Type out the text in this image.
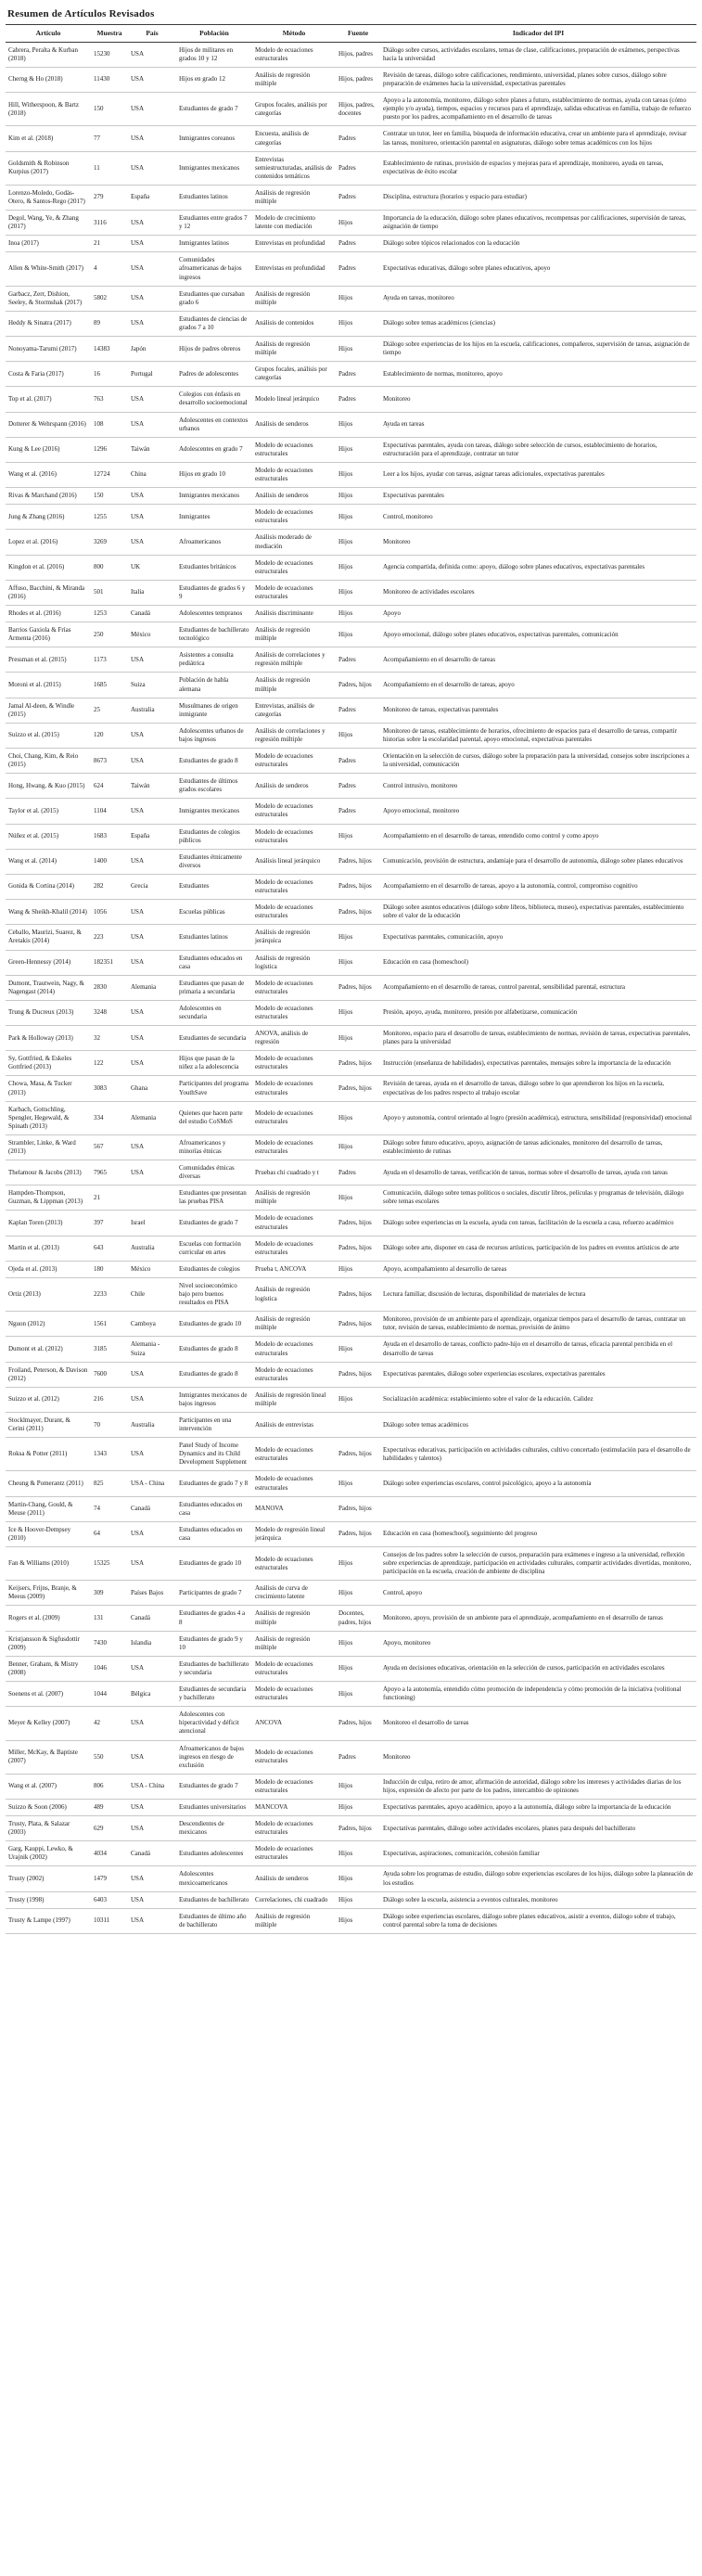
Resumen de Artículos Revisados
Artículo	Muestra	País	Población	Método	Fuente	Indicador del IPI
Cabrera, Peralta & Kurban (2018)	15230	USA	Hijos de militares en grados 10 y 12	Modelo de ecuaciones estructurales	Hijos, padres	Diálogo sobre cursos, actividades escolares, temas de clase, calificaciones, preparación de exámenes, perspectivas hacia la universidad
Cherng & Ho (2018)	11430	USA	Hijos en grado 12	Análisis de regresión múltiple	Hijos, padres	Revisión de tareas, diálogo sobre calificaciones, rendimiento, universidad, planes sobre cursos, diálogo sobre preparación de exámenes hacia la universidad, expectativas parentales
Hill, Witherspoon, & Bartz (2018)	150	USA	Estudiantes de grado 7	Grupos focales, análisis por categorías	Hijos, padres, docentes	Apoyo a la autonomía, monitoreo, diálogo sobre planes a futuro, establecimiento de normas, ayuda con tareas (cómo ejemplo y/o ayuda), tiempos, espacios y recursos para el aprendizaje, salidas educativas en familia, trabajo de refuerzo puesto por los padres, acompañamiento en el desarrollo de tareas
Kim et al. (2018)	77	USA	Inmigrantes coreanos	Encuesta, análisis de categorías	Padres	Contratar un tutor, leer en familia, búsqueda de información educativa, crear un ambiente para el aprendizaje, revisar las tareas, monitoreo, orientación parental en asignaturas, diálogo sobre temas académicos con los hijos
Goldsmith & Robinson Kurpius (2017)	11	USA	Inmigrantes mexicanos	Entrevistas semiestructuradas, análisis de contenidos temáticos	Padres	Establecimiento de rutinas, provisión de espacios y mejoras para el aprendizaje, monitoreo, ayuda en tareas, expectativas de éxito escolar
Lorenzo-Moledo, Godás-Otero, & Santos-Rego (2017)	279	España	Estudiantes latinos	Análisis de regresión múltiple	Padres	Disciplina, estructura (horarios y espacio para estudiar)
Degol, Wang, Ye, & Zhang (2017)	3116	USA	Estudiantes entre grados 7 y 12	Modelo de crecimiento latente con mediación	Hijos	Importancia de la educación, diálogo sobre planes educativos, recompensas por calificaciones, supervisión de tareas, asignación de tiempo
Inoa (2017)	21	USA	Inmigrantes latinos	Entrevistas en profundidad	Padres	Diálogo sobre tópicos relacionados con la educación
Allen & White-Smith (2017)	4	USA	Comunidades afroamericanas de bajos ingresos	Entrevistas en profundidad	Padres	Expectativas educativas, diálogo sobre planes educativos, apoyo
Garbacz, Zerr, Dishion, Seeley, & Stormshak (2017)	5802	USA	Estudiantes que cursaban grado 6	Análisis de regresión múltiple	Hijos	Ayuda en tareas, monitoreo
Heddy & Sinatra (2017)	89	USA	Estudiantes de ciencias de grados 7 a 10	Análisis de contenidos	Hijos	Diálogo sobre temas académicos (ciencias)
Nonoyama-Tarumi (2017)	14383	Japón	Hijos de padres obreros	Análisis de regresión múltiple	Hijos	Diálogo sobre experiencias de los hijos en la escuela, calificaciones, compañeros, supervisión de tareas, asignación de tiempo
Costa & Faria (2017)	16	Portugal	Padres de adolescentes	Grupos focales, análisis por categorías	Padres	Establecimiento de normas, monitoreo, apoyo
Top et al. (2017)	763	USA	Colegios con énfasis en desarrollo socioemocional	Modelo lineal jerárquico	Padres	Monitoreo
Dotterer & Wehrspann (2016)	108	USA	Adolescentes en contextos urbanos	Análisis de senderos	Hijos	Ayuda en tareas
Kung & Lee (2016)	1296	Taiwán	Adolescentes en grado 7	Modelo de ecuaciones estructurales	Hijos	Expectativas parentales, ayuda con tareas, diálogo sobre selección de cursos, establecimiento de horarios, estructuración para el aprendizaje, contratar un tutor
Wang et al. (2016)	12724	China	Hijos en grado 10	Modelo de ecuaciones estructurales	Hijos	Leer a los hijos, ayudar con tareas, asignar tareas adicionales, expectativas parentales
Rivas & Marchand (2016)	150	USA	Inmigrantes mexicanos	Análisis de senderos	Hijos	Expectativas parentales
Jung & Zhang (2016)	1255	USA	Inmigrantes	Modelo de ecuaciones estructurales	Hijos	Control, monitoreo
Lopez et al. (2016)	3269	USA	Afroamericanos	Análisis moderado de mediación	Hijos	Monitoreo
Kingdon et al. (2016)	800	UK	Estudiantes británicos	Modelo de ecuaciones estructurales	Hijos	Agencia compartida, definida como: apoyo, diálogo sobre planes educativos, expectativas parentales
Affuso, Bacchini, & Miranda (2016)	501	Italia	Estudiantes de grados 6 y 9	Modelo de ecuaciones estructurales	Hijos	Monitoreo de actividades escolares
Rhodes et al. (2016)	1253	Canadá	Adolescentes tempranos	Análisis discriminante	Hijos	Apoyo
Barrios Gaxiola & Frías Armenta (2016)	250	México	Estudiantes de bachillerato tecnológico	Análisis de regresión múltiple	Hijos	Apoyo emocional, diálogo sobre planes educativos, expectativas parentales, comunicación
Pressman et al. (2015)	1173	USA	Asistentes a consulta pediátrica	Análisis de correlaciones y regresión múltiple	Padres	Acompañamiento en el desarrollo de tareas
Moroni et al. (2015)	1685	Suiza	Población de habla alemana	Análisis de regresión múltiple	Padres, hijos	Acompañamiento en el desarrollo de tareas, apoyo
Jamal Al-deen, & Windle (2015)	25	Australia	Musulmanes de origen inmigrante	Entrevistas, análisis de categorías	Padres	Monitoreo de tareas, expectativas parentales
Suizzo et al. (2015)	120	USA	Adolescentes urbanos de bajos ingresos	Análisis de correlaciones y regresión múltiple	Hijos	Monitoreo de tareas, establecimiento de horarios, ofrecimiento de espacios para el desarrollo de tareas, compartir historias sobre la escolaridad parental, apoyo emocional, expectativas parentales
Choi, Chang, Kim, & Reio (2015)	8673	USA	Estudiantes de grado 8	Modelo de ecuaciones estructurales	Padres	Orientación en la selección de cursos, diálogo sobre la preparación para la universidad, consejos sobre inscripciones a la universidad, comunicación
Hong, Hwang, & Kuo (2015)	624	Taiwán	Estudiantes de últimos grados escolares	Análisis de senderos	Padres	Control intrusivo, monitoreo
Taylor et al. (2015)	1104	USA	Inmigrantes mexicanos	Modelo de ecuaciones estructurales	Padres	Apoyo emocional, monitoreo
Núñez et al. (2015)	1683	España	Estudiantes de colegios públicos	Modelo de ecuaciones estructurales	Hijos	Acompañamiento en el desarrollo de tareas, entendido como control y como apoyo
Wang et al. (2014)	1400	USA	Estudiantes étnicamente diversos	Análisis lineal jerárquico	Padres, hijos	Comunicación, provisión de estructura, andamiaje para el desarrollo de autonomía, diálogo sobre planes educativos
Gonida & Cortina (2014)	282	Grecia	Estudiantes	Modelo de ecuaciones estructurales	Padres, hijos	Acompañamiento en el desarrollo de tareas, apoyo a la autonomía, control, compromiso cognitivo
Wang & Sheikh-Khalil (2014)	1056	USA	Escuelas públicas	Modelo de ecuaciones estructurales	Padres, hijos	Diálogo sobre asuntos educativos (diálogo sobre libros, biblioteca, museo), expectativas parentales, establecimiento sobre el valor de la educación
Ceballo, Maurizi, Suarez, & Aretakis (2014)	223	USA	Estudiantes latinos	Análisis de regresión jerárquica	Hijos	Expectativas parentales, comunicación, apoyo
Green-Hennessy (2014)	182351	USA	Estudiantes educados en casa	Análisis de regresión logística	Hijos	Educación en casa (homeschool)
Dumont, Trautwein, Nagy, & Nagengast (2014)	2830	Alemania	Estudiantes que pasan de primaria a secundaria	Modelo de ecuaciones estructurales	Padres, hijos	Acompañamiento en el desarrollo de tareas, control parental, sensibilidad parental, estructura
Trung & Ducreux (2013)	3248	USA	Adolescentes en secundaria	Modelo de ecuaciones estructurales	Hijos	Presión, apoyo, ayuda, monitoreo, presión por alfabetizarse, comunicación
Park & Holloway (2013)	32	USA	Estudiantes de secundaria	ANOVA, análisis de regresión	Hijos	Monitoreo, espacio para el desarrollo de tareas, establecimiento de normas, revisión de tareas, expectativas parentales, planes para la universidad
Sy, Gottfried, & Eskeles Gottfried (2013)	122	USA	Hijos que pasan de la niñez a la adolescencia	Modelo de ecuaciones estructurales	Padres, hijos	Instrucción (enseñanza de habilidades), expectativas parentales, mensajes sobre la importancia de la educación
Chowa, Masa, & Tucker (2013)	3083	Ghana	Participantes del programa YouthSave	Modelo de ecuaciones estructurales	Padres, hijos	Revisión de tareas, ayuda en el desarrollo de tareas, diálogo sobre lo que aprendieron los hijos en la escuela, expectativas de los padres respecto al trabajo escolar
Karbach, Gottschling, Spengler, Hegewald, & Spinath (2013)	334	Alemania	Quienes que hacen parte del estudio CoSMoS	Modelo de ecuaciones estructurales	Hijos	Apoyo y autonomía, control orientado al logro (presión académica), estructura, sensibilidad (responsividad) emocional
Strambler, Linke, & Ward (2013)	567	USA	Afroamericanos y minorías étnicas	Modelo de ecuaciones estructurales	Hijos	Diálogo sobre futuro educativo, apoyo, asignación de tareas adicionales, monitoreo del desarrollo de tareas, establecimiento de rutinas
Thelamour & Jacobs (2013)	7965	USA	Comunidades étnicas diversas	Pruebas chi cuadrado y t	Padres	Ayuda en el desarrollo de tareas, verificación de tareas, normas sobre el desarrollo de tareas, ayuda con tareas
Hampden-Thompson, Guzman, & Lippman (2013)	21		Estudiantes que presentan las pruebas PISA	Análisis de regresión múltiple	Hijos	Comunicación, diálogo sobre temas políticos o sociales, discutir libros, películas y programas de televisión, diálogo sobre temas escolares
Kaplan Toren (2013)	397	Israel	Estudiantes de grado 7	Modelo de ecuaciones estructurales	Padres, hijos	Diálogo sobre experiencias en la escuela, ayuda con tareas, facilitación de la escuela a casa, refuerzo académico
Martin et al. (2013)	643	Australia	Escuelas con formación curricular en artes	Modelo de ecuaciones estructurales	Padres, hijos	Diálogo sobre arte, disponer en casa de recursos artísticos, participación de los padres en eventos artísticos de arte
Ojeda et al. (2013)	180	México	Estudiantes de colegios	Prueba t, ANCOVA	Hijos	Apoyo, acompañamiento al desarrollo de tareas
Ortiz (2013)	2233	Chile	Nivel socioeconómico bajo pero buenos resultados en PISA	Análisis de regresión logística	Padres, hijos	Lectura familiar, discusión de lecturas, disponibilidad de materiales de lectura
Nguon (2012)	1561	Camboya	Estudiantes de grado 10	Análisis de regresión múltiple	Padres, hijos	Monitoreo, provisión de un ambiente para el aprendizaje, organizar tiempos para el desarrollo de tareas, contratar un tutor, revisión de tareas, establecimiento de normas, provisión de ánimo
Dumont et al. (2012)	3185	Alemania - Suiza	Estudiantes de grado 8	Modelo de ecuaciones estructurales	Hijos	Ayuda en el desarrollo de tareas, conflicto padre-hijo en el desarrollo de tareas, eficacia parental percibida en el desarrollo de tareas
Froiland, Peterson, & Davison (2012)	7600	USA	Estudiantes de grado 8	Modelo de ecuaciones estructurales	Padres, hijos	Expectativas parentales, diálogo sobre experiencias escolares, expectativas parentales
Suizzo et al. (2012)	216	USA	Inmigrantes mexicanos de bajos ingresos	Análisis de regresión lineal múltiple	Hijos	Socialización académica: establecimiento sobre el valor de la educación. Calidez
Stocklmayer, Durant, & Cerini (2011)	70	Australia	Participantes en una intervención	Análisis de entrevistas		Diálogo sobre temas académicos
Roksa & Potter (2011)	1343	USA	Panel Study of Income Dynamics and its Child Development Supplement	Modelo de ecuaciones estructurales	Padres, hijos	Expectativas educativas, participación en actividades culturales, cultivo concertado (estimulación para el desarrollo de habilidades y talentos)
Cheung & Pomerantz (2011)	825	USA - China	Estudiantes de grado 7 y 8	Modelo de ecuaciones estructurales	Hijos	Diálogo sobre experiencias escolares, control psicológico, apoyo a la autonomía
Martin-Chang, Gould, & Meuse (2011)	74	Canadá	Estudiantes educados en casa	MANOVA	Padres, hijos	
Ice & Hoover-Dempsey (2010)	64	USA	Estudiantes educados en casa	Modelo de regresión lineal jerárquica	Padres, hijos	Educación en casa (homeschool), seguimiento del progreso
Fan & Williams (2010)	15325	USA	Estudiantes de grado 10	Modelo de ecuaciones estructurales	Hijos	Consejos de los padres sobre la selección de cursos, preparación para exámenes e ingreso a la universidad, reflexión sobre experiencias de aprendizaje, participación en actividades culturales, compartir actividades divertidas, monitoreo, participación en la escuela, creación de ambiente de disciplina
Keijsers, Frijns, Branje, & Meeus (2009)	309	Países Bajos	Participantes de grado 7	Análisis de curva de crecimiento latente	Hijos	Control, apoyo
Rogers et al. (2009)	131	Canadá	Estudiantes de grados 4 a 8	Análisis de regresión múltiple	Docentes, padres, hijos	Monitoreo, apoyo, provisión de un ambiente para el aprendizaje, acompañamiento en el desarrollo de tareas
Kristjansson & Sigfusdottir (2009)	7430	Islandia	Estudiantes de grado 9 y 10	Análisis de regresión múltiple	Hijos	Apoyo, monitoreo
Benner, Graham, & Mistry (2008)	1046	USA	Estudiantes de bachillerato y secundaria	Modelo de ecuaciones estructurales	Hijos	Ayuda en decisiones educativas, orientación en la selección de cursos, participación en actividades escolares
Soenens et al. (2007)	1044	Bélgica	Estudiantes de secundaria y bachillerato	Modelo de ecuaciones estructurales	Hijos	Apoyo a la autonomía, entendido cómo promoción de independencia y cómo promoción de la iniciativa (volitional functioning)
Meyer & Kelley (2007)	42	USA	Adolescentes con hiperactividad y déficit atencional	ANCOVA	Padres, hijos	Monitoreo el desarrollo de tareas
Miller, McKay, & Baptiste (2007)	550	USA	Afroamericanos de bajos ingresos en riesgo de exclusión	Modelo de ecuaciones estructurales	Padres	Monitoreo
Wang et al. (2007)	806	USA - China	Estudiantes de grado 7	Modelo de ecuaciones estructurales	Hijos	Inducción de culpa, retiro de amor, afirmación de autoridad, diálogo sobre los intereses y actividades diarias de los hijos, expresión de afecto por parte de los padres, intercambio de opiniones
Suizzo & Soon (2006)	489	USA	Estudiantes universitarios	MANCOVA	Hijos	Expectativas parentales, apoyo académico, apoyo a la autonomía, diálogo sobre la importancia de la educación
Trusty, Plata, & Salazar (2003)	629	USA	Descendientes de mexicanos	Modelo de ecuaciones estructurales	Padres, hijos	Expectativas parentales, diálogo sobre actividades escolares, planes para después del bachillerato
Garg, Kauppi, Lewko, & Urajnik (2002)	4034	Canadá	Estudiantes adolescentes	Modelo de ecuaciones estructurales	Hijos	Expectativas, aspiraciones, comunicación, cohesión familiar
Trusty (2002)	1479	USA	Adolescentes mexicoamericanos	Análisis de senderos	Hijos	Ayuda sobre los programas de estudio, diálogo sobre experiencias escolares de los hijos, diálogo sobre la planeación de los estudios
Trusty (1998)	6403	USA	Estudiantes de bachillerato	Correlaciones, chi cuadrado	Hijos	Diálogo sobre la escuela, asistencia a eventos culturales, monitoreo
Trusty & Lampe (1997)	10311	USA	Estudiantes de último año de bachillerato	Análisis de regresión múltiple	Hijos	Diálogo sobre experiencias escolares, diálogo sobre planes educativos, asistir a eventos, diálogo sobre el trabajo, control parental sobre la toma de decisiones
